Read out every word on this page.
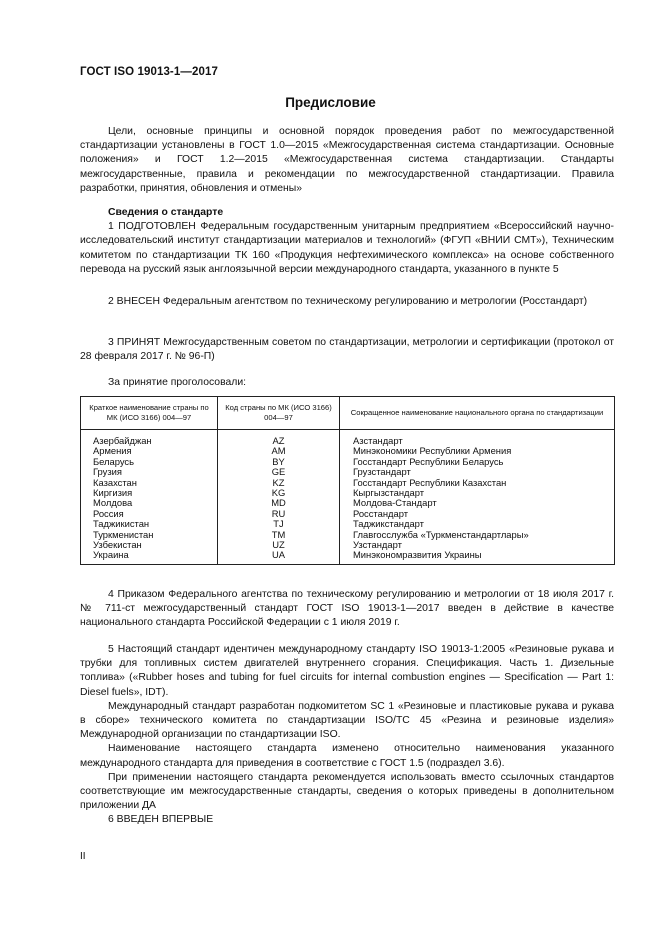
ГОСТ ISO 19013-1—2017
Предисловие

Цели, основные принципы и основной порядок проведения работ по межгосударственной стандартизации установлены в ГОСТ 1.0—2015 «Межгосударственная система стандартизации. Основные положения» и ГОСТ 1.2—2015 «Межгосударственная система стандартизации. Стандарты межгосударственные, правила и рекомендации по межгосударственной стандартизации. Правила разработки, принятия, обновления и отмены»

Сведения о стандарте

1 ПОДГОТОВЛЕН Федеральным государственным унитарным предприятием «Всероссийский научно-исследовательский институт стандартизации материалов и технологий» (ФГУП «ВНИИ СМТ»), Техническим комитетом по стандартизации ТК 160 «Продукция нефтехимического комплекса» на основе собственного перевода на русский язык англоязычной версии международного стандарта, указанного в пункте 5

2 ВНЕСЕН Федеральным агентством по техническому регулированию и метрологии (Росстандарт)

3 ПРИНЯТ Межгосударственным советом по стандартизации, метрологии и сертификации (протокол от 28 февраля 2017 г. № 96-П)

За принятие проголосовали:

Краткое наименование страны по МК (ИСО 3166) 004—97	Код страны по МК (ИСО 3166) 004—97	Сокращенное наименование национального органа по стандартизации
Азербайджан	AZ	Азстандарт
Армения	AM	Минэкономики Республики Армения
Беларусь	BY	Госстандарт Республики Беларусь
Грузия	GE	Грузстандарт
Казахстан	KZ	Госстандарт Республики Казахстан
Киргизия	KG	Кыргызстандарт
Молдова	MD	Молдова-Стандарт
Россия	RU	Росстандарт
Таджикистан	TJ	Таджикстандарт
Туркменистан	TM	Главгосслужба «Туркменстандартлары»
Узбекистан	UZ	Узстандарт
Украина	UA	Минэкономразвития Украины

4 Приказом Федерального агентства по техническому регулированию и метрологии от 18 июля 2017 г. № 711-ст межгосударственный стандарт ГОСТ ISO 19013-1—2017 введен в действие в качестве национального стандарта Российской Федерации с 1 июля 2019 г.

5 Настоящий стандарт идентичен международному стандарту ISO 19013-1:2005 «Резиновые рукава и трубки для топливных систем двигателей внутреннего сгорания. Спецификация. Часть 1. Дизельные топлива» («Rubber hoses and tubing for fuel circuits for internal combustion engines — Specification — Part 1: Diesel fuels», IDT).

Международный стандарт разработан подкомитетом SC 1 «Резиновые и пластиковые рукава и рукава в сборе» технического комитета по стандартизации ISO/TC 45 «Резина и резиновые изделия» Международной организации по стандартизации ISO.

Наименование настоящего стандарта изменено относительно наименования указанного международного стандарта для приведения в соответствие с ГОСТ 1.5 (подраздел 3.6).

При применении настоящего стандарта рекомендуется использовать вместо ссылочных стандартов соответствующие им межгосударственные стандарты, сведения о которых приведены в дополнительном приложении ДА

6 ВВЕДЕН ВПЕРВЫЕ

II
